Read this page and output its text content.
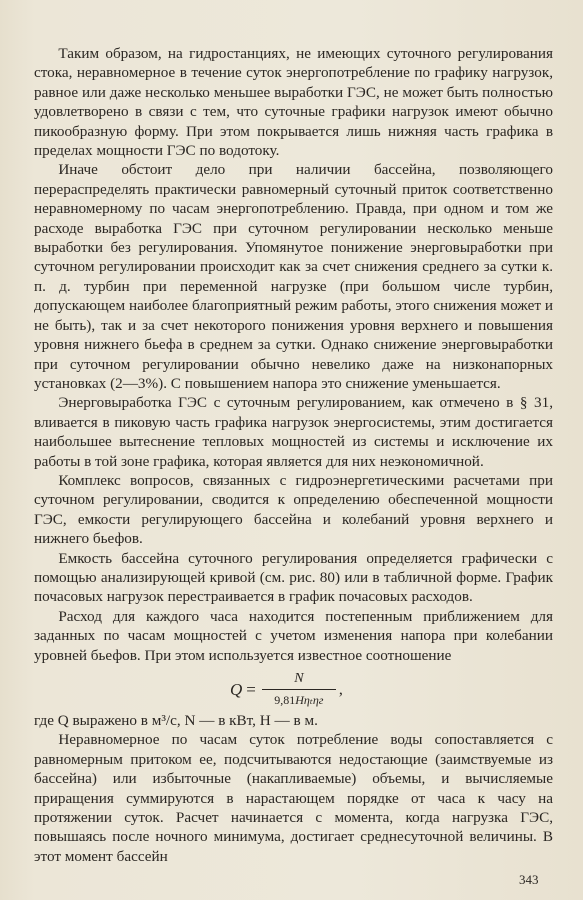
Таким образом, на гидростанциях, не имеющих суточного регулирования стока, неравномерное в течение суток энергопотребление по графику нагрузок, равное или даже несколько меньшее выработки ГЭС, не может быть полностью удовлетворено в связи с тем, что суточные графики нагрузок имеют обычно пикообразную форму. При этом покрывается лишь нижняя часть графика в пределах мощности ГЭС по водотоку.

Иначе обстоит дело при наличии бассейна, позволяющего перераспределять практически равномерный суточный приток соответственно неравномерному по часам энергопотреблению. Правда, при одном и том же расходе выработка ГЭС при суточном регулировании несколько меньше выработки без регулирования. Упомянутое понижение энерговыработки при суточном регулировании происходит как за счет снижения среднего за сутки к. п. д. турбин при переменной нагрузке (при большом числе турбин, допускающем наиболее благоприятный режим работы, этого снижения может и не быть), так и за счет некоторого понижения уровня верхнего и повышения уровня нижнего бьефа в среднем за сутки. Однако снижение энерговыработки при суточном регулировании обычно невелико даже на низконапорных установках (2—3%). С повышением напора это снижение уменьшается.

Энерговыработка ГЭС с суточным регулированием, как отмечено в § 31, вливается в пиковую часть графика нагрузок энергосистемы, этим достигается наибольшее вытеснение тепловых мощностей из системы и исключение их работы в той зоне графика, которая является для них неэкономичной.

Комплекс вопросов, связанных с гидроэнергетическими расчетами при суточном регулировании, сводится к определению обеспеченной мощности ГЭС, емкости регулирующего бассейна и колебаний уровня верхнего и нижнего бьефов.

Емкость бассейна суточного регулирования определяется графически с помощью анализирующей кривой (см. рис. 80) или в табличной форме. График почасовых нагрузок перестраивается в график почасовых расходов.

Расход для каждого часа находится постепенным приближением для заданных по часам мощностей с учетом изменения напора при колебании уровней бьефов. При этом используется известное соотношение

$Q = \frac{N}{\text{9,81Hηₜηг}}$ ,

где Q выражено в м³/с, N — в кВт, H — в м.

Неравномерное по часам суток потребление воды сопоставляется с равномерным притоком ее, подсчитываются недостающие (заимствуемые из бассейна) или избыточные (накапливаемые) объемы, и вычисляемые приращения суммируются в нарастающем порядке от часа к часу на протяжении суток. Расчет начинается с момента, когда нагрузка ГЭС, повышаясь после ночного минимума, достигает среднесуточной величины. В этот момент бассейн

343
